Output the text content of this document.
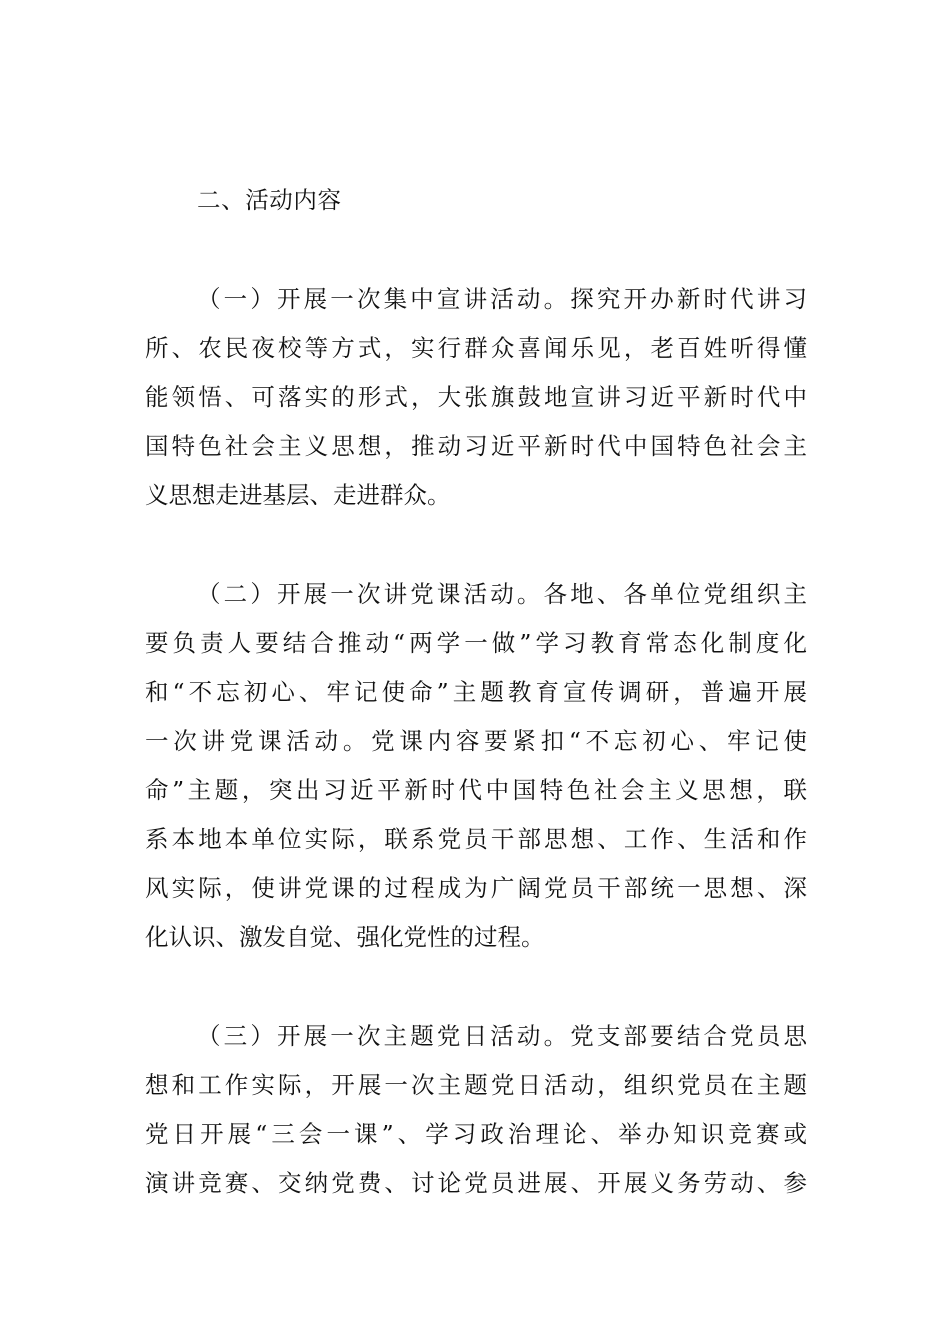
二、活动内容
（一）开展一次集中宣讲活动。探究开办新时代讲习
所、农民夜校等方式，实行群众喜闻乐见，老百姓听得懂
能领悟、可落实的形式，大张旗鼓地宣讲习近平新时代中
国特色社会主义思想，推动习近平新时代中国特色社会主
义思想走进基层、走进群众。
（二）开展一次讲党课活动。各地、各单位党组织主
要负责人要结合推动“两学一做”学习教育常态化制度化
和“不忘初心、牢记使命”主题教育宣传调研，普遍开展
一次讲党课活动。党课内容要紧扣“不忘初心、牢记使
命”主题，突出习近平新时代中国特色社会主义思想，联
系本地本单位实际，联系党员干部思想、工作、生活和作
风实际，使讲党课的过程成为广阔党员干部统一思想、深
化认识、激发自觉、强化党性的过程。
（三）开展一次主题党日活动。党支部要结合党员思
想和工作实际，开展一次主题党日活动，组织党员在主题
党日开展“三会一课”、学习政治理论、举办知识竞赛或
演讲竞赛、交纳党费、讨论党员进展、开展义务劳动、参
